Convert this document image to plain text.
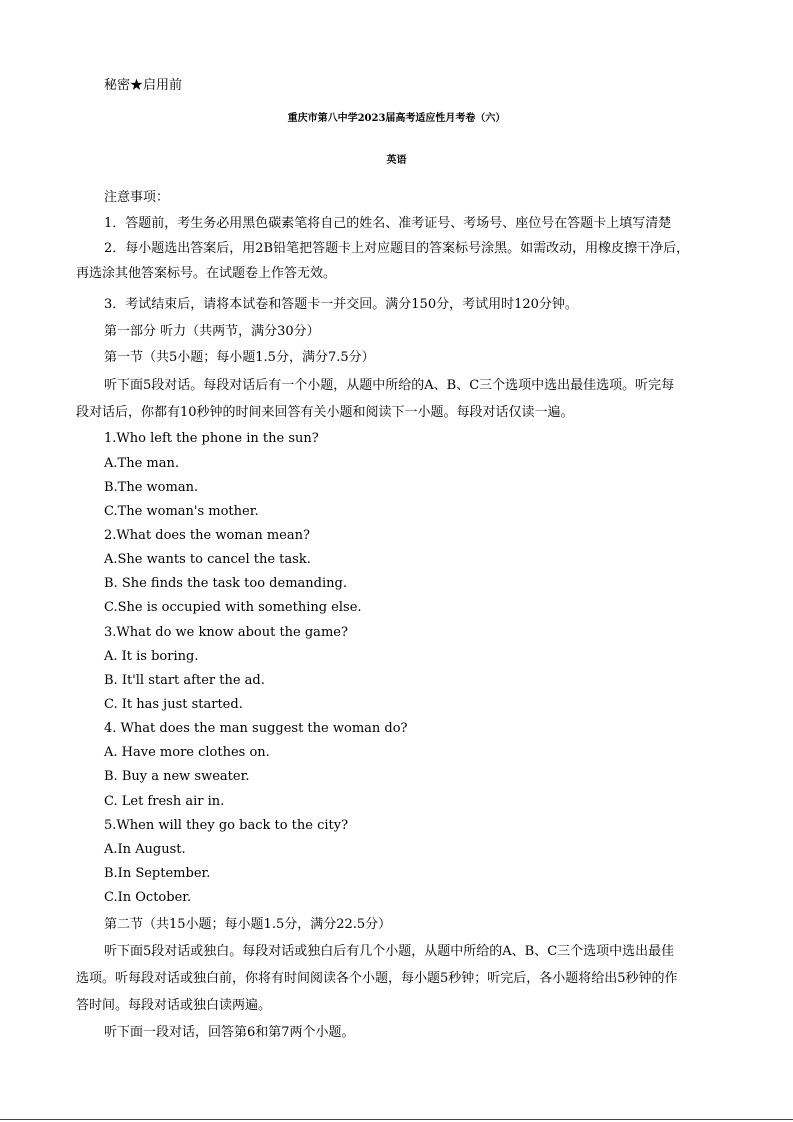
秘密★启用前
重庆市第八中学2023届高考适应性月考卷（六）
英语
注意事项：
1．答题前，考生务必用黑色碳素笔将自己的姓名、准考证号、考场号、座位号在答题卡上填写清楚
2．每小题选出答案后，用2B铅笔把答题卡上对应题目的答案标号涂黑。如需改动，用橡皮擦干净后，
再选涂其他答案标号。在试题卷上作答无效。
3．考试结束后，请将本试卷和答题卡一并交回。满分150分，考试用时120分钟。
第一部分 听力（共两节，满分30分）
第一节（共5小题；每小题1.5分，满分7.5分）
听下面5段对话。每段对话后有一个小题，从题中所给的A、B、C三个选项中选出最佳选项。听完每
段对话后，你都有10秒钟的时间来回答有关小题和阅读下一小题。每段对话仅读一遍。
1.Who left the phone in the sun?
A.The man.
B.The woman.
C.The woman's mother.
2.What does the woman mean?
A.She wants to cancel the task.
B. She finds the task too demanding.
C.She is occupied with something else.
3.What do we know about the game?
A. It is boring.
B. It'll start after the ad.
C. It has just started.
4. What does the man suggest the woman do?
A. Have more clothes on.
B. Buy a new sweater.
C. Let fresh air in.
5.When will they go back to the city?
A.In August.
B.In September.
C.In October.
第二节（共15小题；每小题1.5分，满分22.5分）
听下面5段对话或独白。每段对话或独白后有几个小题，从题中所给的A、B、C三个选项中选出最佳
选项。听每段对话或独白前，你将有时间阅读各个小题，每小题5秒钟；听完后，各小题将给出5秒钟的作
答时间。每段对话或独白读两遍。
听下面一段对话，回答第6和第7两个小题。
